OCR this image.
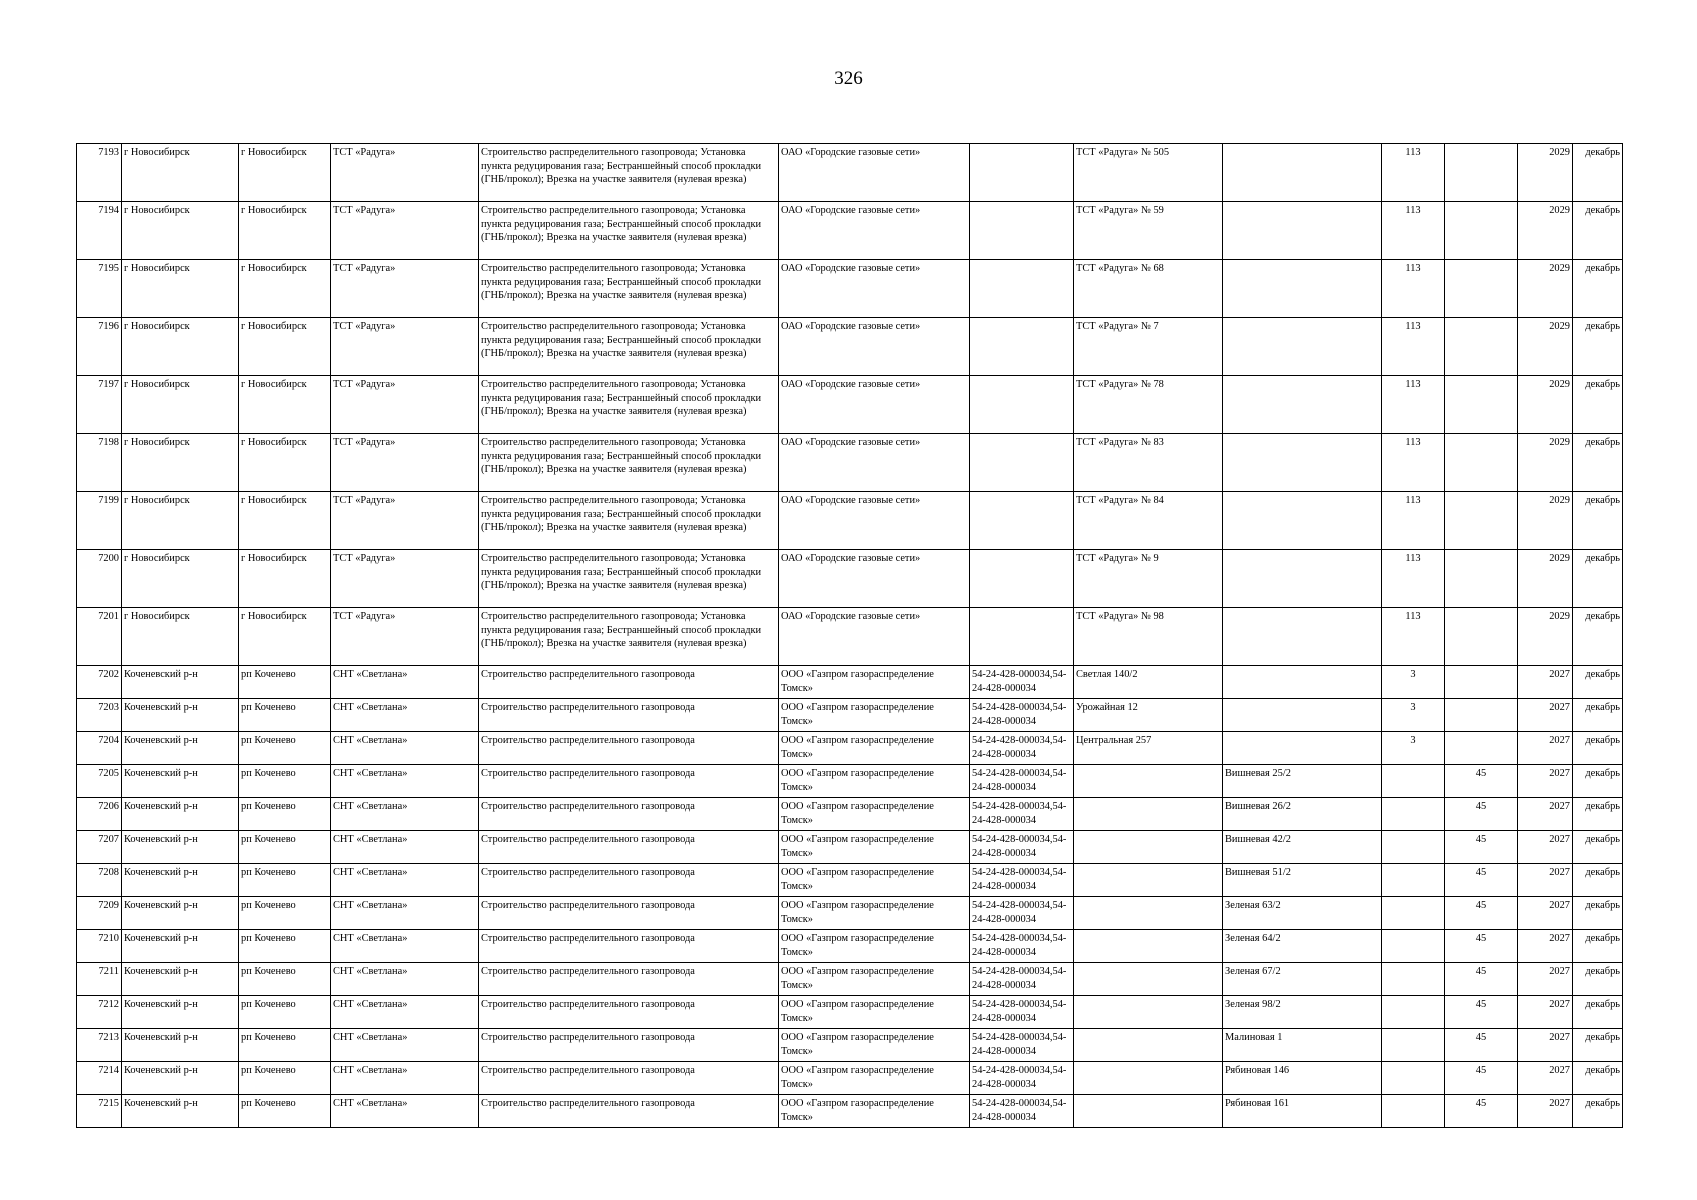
326
7193	г Новосибирск	г Новосибирск	ТСТ «Радуга»	Строительство распределительного газопровода; Установка пункта редуцирования газа; Бестраншейный способ прокладки (ГНБ/прокол); Врезка на участке заявителя (нулевая врезка)	ОАО «Городские газовые сети»		ТСТ «Радуга» № 505		113		2029	декабрь
7194	г Новосибирск	г Новосибирск	ТСТ «Радуга»	Строительство распределительного газопровода; Установка пункта редуцирования газа; Бестраншейный способ прокладки (ГНБ/прокол); Врезка на участке заявителя (нулевая врезка)	ОАО «Городские газовые сети»		ТСТ «Радуга» № 59		113		2029	декабрь
7195	г Новосибирск	г Новосибирск	ТСТ «Радуга»	Строительство распределительного газопровода; Установка пункта редуцирования газа; Бестраншейный способ прокладки (ГНБ/прокол); Врезка на участке заявителя (нулевая врезка)	ОАО «Городские газовые сети»		ТСТ «Радуга» № 68		113		2029	декабрь
7196	г Новосибирск	г Новосибирск	ТСТ «Радуга»	Строительство распределительного газопровода; Установка пункта редуцирования газа; Бестраншейный способ прокладки (ГНБ/прокол); Врезка на участке заявителя (нулевая врезка)	ОАО «Городские газовые сети»		ТСТ «Радуга» № 7		113		2029	декабрь
7197	г Новосибирск	г Новосибирск	ТСТ «Радуга»	Строительство распределительного газопровода; Установка пункта редуцирования газа; Бестраншейный способ прокладки (ГНБ/прокол); Врезка на участке заявителя (нулевая врезка)	ОАО «Городские газовые сети»		ТСТ «Радуга» № 78		113		2029	декабрь
7198	г Новосибирск	г Новосибирск	ТСТ «Радуга»	Строительство распределительного газопровода; Установка пункта редуцирования газа; Бестраншейный способ прокладки (ГНБ/прокол); Врезка на участке заявителя (нулевая врезка)	ОАО «Городские газовые сети»		ТСТ «Радуга» № 83		113		2029	декабрь
7199	г Новосибирск	г Новосибирск	ТСТ «Радуга»	Строительство распределительного газопровода; Установка пункта редуцирования газа; Бестраншейный способ прокладки (ГНБ/прокол); Врезка на участке заявителя (нулевая врезка)	ОАО «Городские газовые сети»		ТСТ «Радуга» № 84		113		2029	декабрь
7200	г Новосибирск	г Новосибирск	ТСТ «Радуга»	Строительство распределительного газопровода; Установка пункта редуцирования газа; Бестраншейный способ прокладки (ГНБ/прокол); Врезка на участке заявителя (нулевая врезка)	ОАО «Городские газовые сети»		ТСТ «Радуга» № 9		113		2029	декабрь
7201	г Новосибирск	г Новосибирск	ТСТ «Радуга»	Строительство распределительного газопровода; Установка пункта редуцирования газа; Бестраншейный способ прокладки (ГНБ/прокол); Врезка на участке заявителя (нулевая врезка)	ОАО «Городские газовые сети»		ТСТ «Радуга» № 98		113		2029	декабрь
7202	Коченевский р-н	рп Коченево	СНТ «Светлана»	Строительство распределительного газопровода	ООО «Газпром газораспределение Томск»	54-24-428-000034,54-24-428-000034	Светлая 140/2		3		2027	декабрь
7203	Коченевский р-н	рп Коченево	СНТ «Светлана»	Строительство распределительного газопровода	ООО «Газпром газораспределение Томск»	54-24-428-000034,54-24-428-000034	Урожайная 12		3		2027	декабрь
7204	Коченевский р-н	рп Коченево	СНТ «Светлана»	Строительство распределительного газопровода	ООО «Газпром газораспределение Томск»	54-24-428-000034,54-24-428-000034	Центральная 257		3		2027	декабрь
7205	Коченевский р-н	рп Коченево	СНТ «Светлана»	Строительство распределительного газопровода	ООО «Газпром газораспределение Томск»	54-24-428-000034,54-24-428-000034		Вишневая 25/2		45	2027	декабрь
7206	Коченевский р-н	рп Коченево	СНТ «Светлана»	Строительство распределительного газопровода	ООО «Газпром газораспределение Томск»	54-24-428-000034,54-24-428-000034		Вишневая 26/2		45	2027	декабрь
7207	Коченевский р-н	рп Коченево	СНТ «Светлана»	Строительство распределительного газопровода	ООО «Газпром газораспределение Томск»	54-24-428-000034,54-24-428-000034		Вишневая 42/2		45	2027	декабрь
7208	Коченевский р-н	рп Коченево	СНТ «Светлана»	Строительство распределительного газопровода	ООО «Газпром газораспределение Томск»	54-24-428-000034,54-24-428-000034		Вишневая 51/2		45	2027	декабрь
7209	Коченевский р-н	рп Коченево	СНТ «Светлана»	Строительство распределительного газопровода	ООО «Газпром газораспределение Томск»	54-24-428-000034,54-24-428-000034		Зеленая 63/2		45	2027	декабрь
7210	Коченевский р-н	рп Коченево	СНТ «Светлана»	Строительство распределительного газопровода	ООО «Газпром газораспределение Томск»	54-24-428-000034,54-24-428-000034		Зеленая 64/2		45	2027	декабрь
7211	Коченевский р-н	рп Коченево	СНТ «Светлана»	Строительство распределительного газопровода	ООО «Газпром газораспределение Томск»	54-24-428-000034,54-24-428-000034		Зеленая 67/2		45	2027	декабрь
7212	Коченевский р-н	рп Коченево	СНТ «Светлана»	Строительство распределительного газопровода	ООО «Газпром газораспределение Томск»	54-24-428-000034,54-24-428-000034		Зеленая 98/2		45	2027	декабрь
7213	Коченевский р-н	рп Коченево	СНТ «Светлана»	Строительство распределительного газопровода	ООО «Газпром газораспределение Томск»	54-24-428-000034,54-24-428-000034		Малиновая 1		45	2027	декабрь
7214	Коченевский р-н	рп Коченево	СНТ «Светлана»	Строительство распределительного газопровода	ООО «Газпром газораспределение Томск»	54-24-428-000034,54-24-428-000034		Рябиновая 146		45	2027	декабрь
7215	Коченевский р-н	рп Коченево	СНТ «Светлана»	Строительство распределительного газопровода	ООО «Газпром газораспределение Томск»	54-24-428-000034,54-24-428-000034		Рябиновая 161		45	2027	декабрь
